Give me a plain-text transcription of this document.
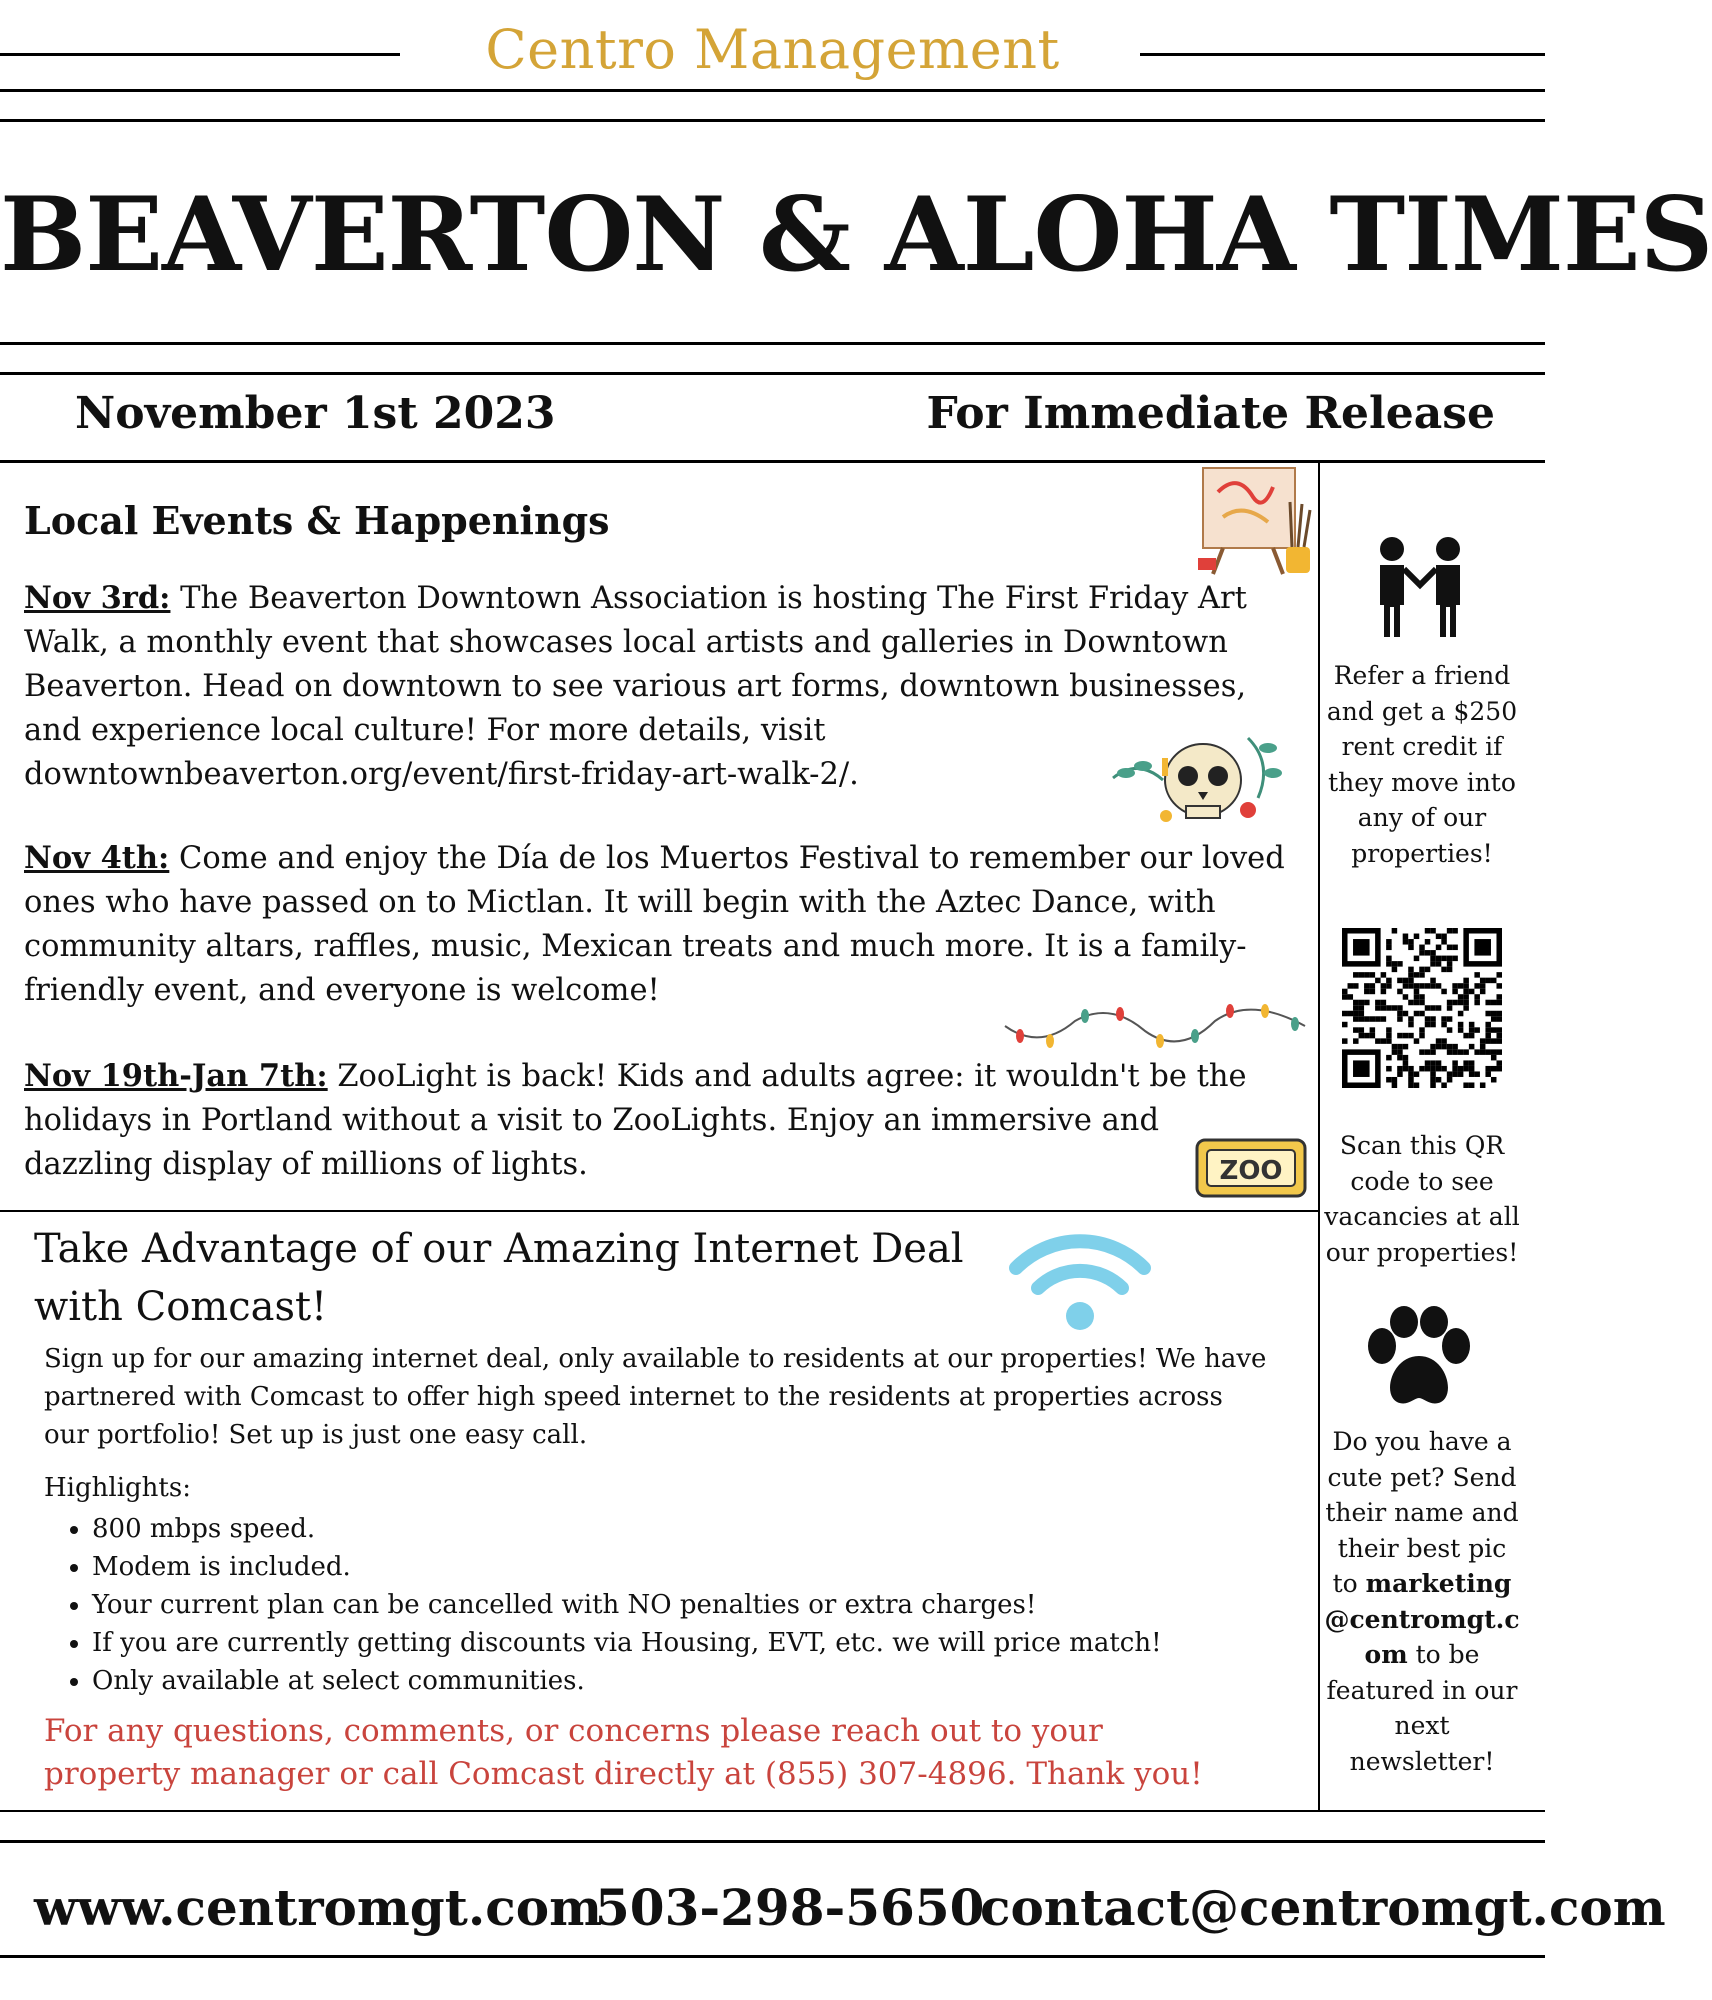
Centro Management
BEAVERTON & ALOHA TIMES
November 1st 2023	For Immediate Release
Local Events & Happenings
Nov 3rd: The Beaverton Downtown Association is hosting The First Friday Art Walk, a monthly event that showcases local artists and galleries in Downtown Beaverton. Head on downtown to see various art forms, downtown businesses, and experience local culture! For more details, visit downtownbeaverton.org/event/first-friday-art-walk-2/.
Nov 4th: Come and enjoy the Día de los Muertos Festival to remember our loved ones who have passed on to Mictlan. It will begin with the Aztec Dance, with community altars, raffles, music, Mexican treats and much more. It is a family-friendly event, and everyone is welcome!
Nov 19th-Jan 7th: ZooLight is back! Kids and adults agree: it wouldn't be the holidays in Portland without a visit to ZooLights. Enjoy an immersive and dazzling display of millions of lights.	ZOO
Take Advantage of our Amazing Internet Deal with Comcast!
Sign up for our amazing internet deal, only available to residents at our properties! We have partnered with Comcast to offer high speed internet to the residents at properties across our portfolio! Set up is just one easy call.
Highlights:
• 800 mbps speed.
• Modem is included.
• Your current plan can be cancelled with NO penalties or extra charges!
• If you are currently getting discounts via Housing, EVT, etc. we will price match!
• Only available at select communities.
For any questions, comments, or concerns please reach out to your property manager or call Comcast directly at (855) 307-4896. Thank you!
Refer a friend and get a $250 rent credit if they move into any of our properties!
Scan this QR code to see vacancies at all our properties!
Do you have a cute pet? Send their name and their best pic to marketing@centromgt.com to be featured in our next newsletter!
www.centromgt.com
503-298-5650
contact@centromgt.com
